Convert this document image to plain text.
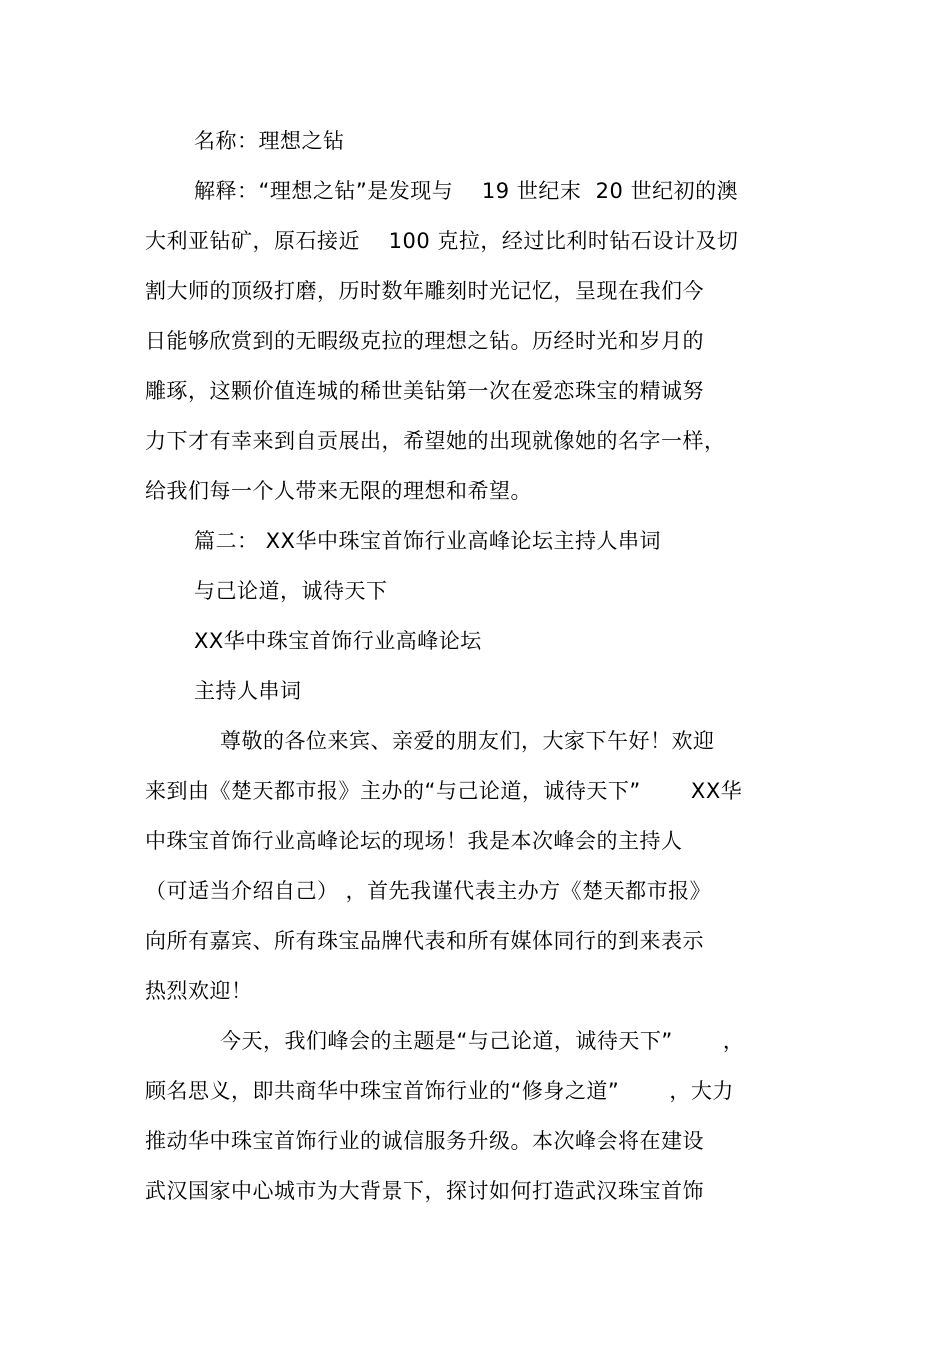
名称：理想之钻
解释：“理想之钻”是发现与　 19 世纪末  20 世纪初的澳
大利亚钻矿，原石接近　 100 克拉，经过比利时钻石设计及切
割大师的顶级打磨，历时数年雕刻时光记忆，呈现在我们今
日能够欣赏到的无暇级克拉的理想之钻。历经时光和岁月的
雕琢，这颗价值连城的稀世美钻第一次在爱恋珠宝的精诚努
力下才有幸来到自贡展出，希望她的出现就像她的名字一样，
给我们每一个人带来无限的理想和希望。
篇二： XX华中珠宝首饰行业高峰论坛主持人串词
与己论道，诚待天下
XX华中珠宝首饰行业高峰论坛
主持人串词
尊敬的各位来宾、亲爱的朋友们，大家下午好！欢迎
来到由《楚天都市报》主办的“与己论道，诚待天下”　　 XX华
中珠宝首饰行业高峰论坛的现场！我是本次峰会的主持人
（可适当介绍自己） ，首先我谨代表主办方《楚天都市报》
向所有嘉宾、所有珠宝品牌代表和所有媒体同行的到来表示
热烈欢迎！
今天，我们峰会的主题是“与己论道，诚待天下”　　 ，
顾名思义，即共商华中珠宝首饰行业的“修身之道”　　 ，大力
推动华中珠宝首饰行业的诚信服务升级。本次峰会将在建设
武汉国家中心城市为大背景下，探讨如何打造武汉珠宝首饰
